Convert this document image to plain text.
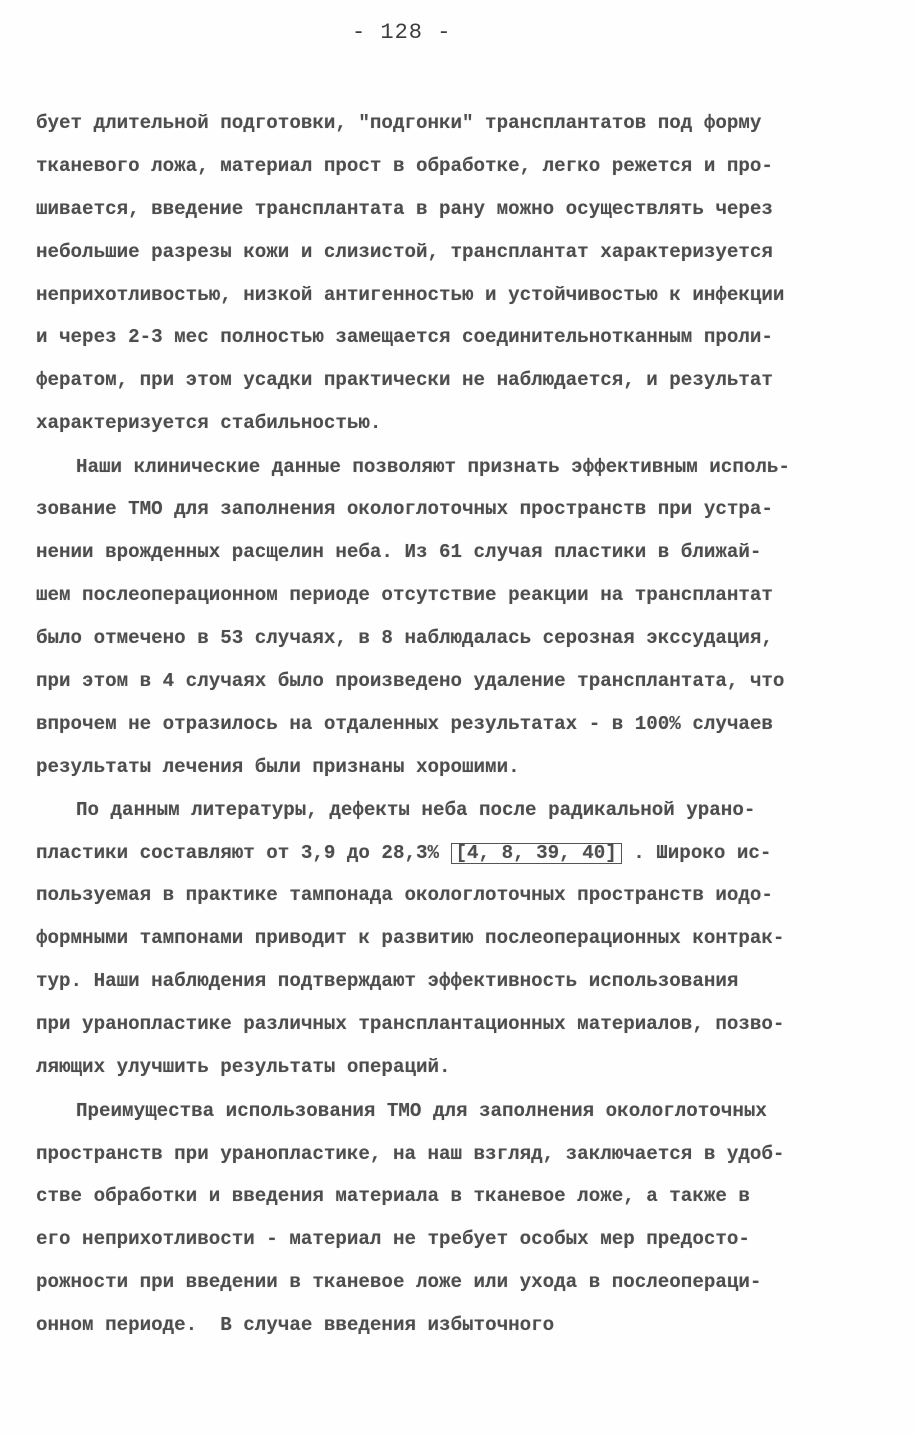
- 128 -
бует длительной подготовки, "подгонки" трансплантатов под форму
тканевого ложа, материал прост в обработке, легко режется и про-
шивается, введение трансплантата в рану можно осуществлять через
небольшие разрезы кожи и слизистой, трансплантат характеризуется
неприхотливостью, низкой антигенностью и устойчивостью к инфекции
и через 2-3 мес полностью замещается соединительнотканным проли-
фератом, при этом усадки практически не наблюдается, и результат
характеризуется стабильностью.
Наши клинические данные позволяют признать эффективным исполь-
зование ТМО для заполнения окологлоточных пространств при устра-
нении врожденных расщелин неба. Из 61 случая пластики в ближай-
шем послеоперационном периоде отсутствие реакции на трансплантат
было отмечено в 53 случаях, в 8 наблюдалась серозная экссудация,
при этом в 4 случаях было произведено удаление трансплантата, что
впрочем не отразилось на отдаленных результатах - в 100% случаев
результаты лечения были признаны хорошими.
По данным литературы, дефекты неба после радикальной урано-
пластики составляют от 3,9 до 28,3% [4, 8, 39, 40] . Широко ис-
пользуемая в практике тампонада окологлоточных пространств иодо-
формными тампонами приводит к развитию послеоперационных контрак-
тур. Наши наблюдения подтверждают эффективность использования
при уранопластике различных трансплантационных материалов, позво-
ляющих улучшить результаты операций.
Преимущества использования ТМО для заполнения окологлоточных
пространств при уранопластике, на наш взгляд, заключается в удоб-
стве обработки и введения материала в тканевое ложе, а также в
его неприхотливости - материал не требует особых мер предосто-
рожности при введении в тканевое ложе или ухода в послеопераци-
онном периоде. В случае введения избыточного
